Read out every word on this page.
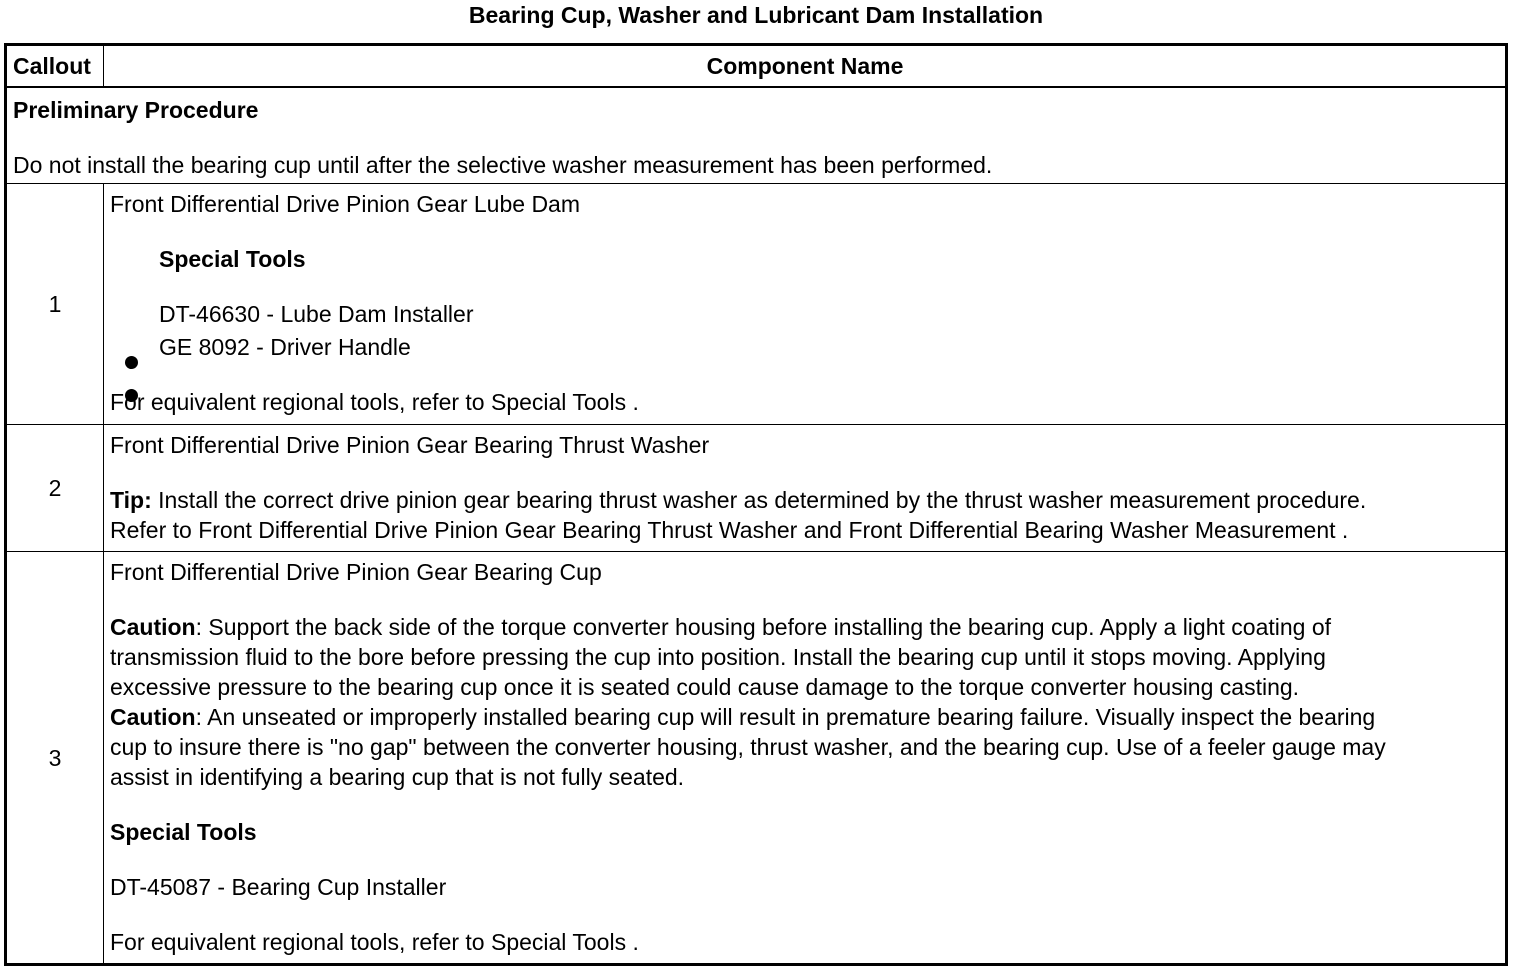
Bearing Cup, Washer and Lubricant Dam Installation
Callout	Component Name
Preliminary Procedure
Do not install the bearing cup until after the selective washer measurement has been performed.
1
Front Differential Drive Pinion Gear Lube Dam
Special Tools
DT-46630 - Lube Dam Installer
GE 8092 - Driver Handle
For equivalent regional tools, refer to Special Tools .
2
Front Differential Drive Pinion Gear Bearing Thrust Washer
Tip: Install the correct drive pinion gear bearing thrust washer as determined by the thrust washer measurement procedure.
Refer to Front Differential Drive Pinion Gear Bearing Thrust Washer and Front Differential Bearing Washer Measurement .
3
Front Differential Drive Pinion Gear Bearing Cup
Caution: Support the back side of the torque converter housing before installing the bearing cup. Apply a light coating of
transmission fluid to the bore before pressing the cup into position. Install the bearing cup until it stops moving. Applying
excessive pressure to the bearing cup once it is seated could cause damage to the torque converter housing casting.
Caution: An unseated or improperly installed bearing cup will result in premature bearing failure. Visually inspect the bearing
cup to insure there is "no gap" between the converter housing, thrust washer, and the bearing cup. Use of a feeler gauge may
assist in identifying a bearing cup that is not fully seated.
Special Tools
DT-45087 - Bearing Cup Installer
For equivalent regional tools, refer to Special Tools .
